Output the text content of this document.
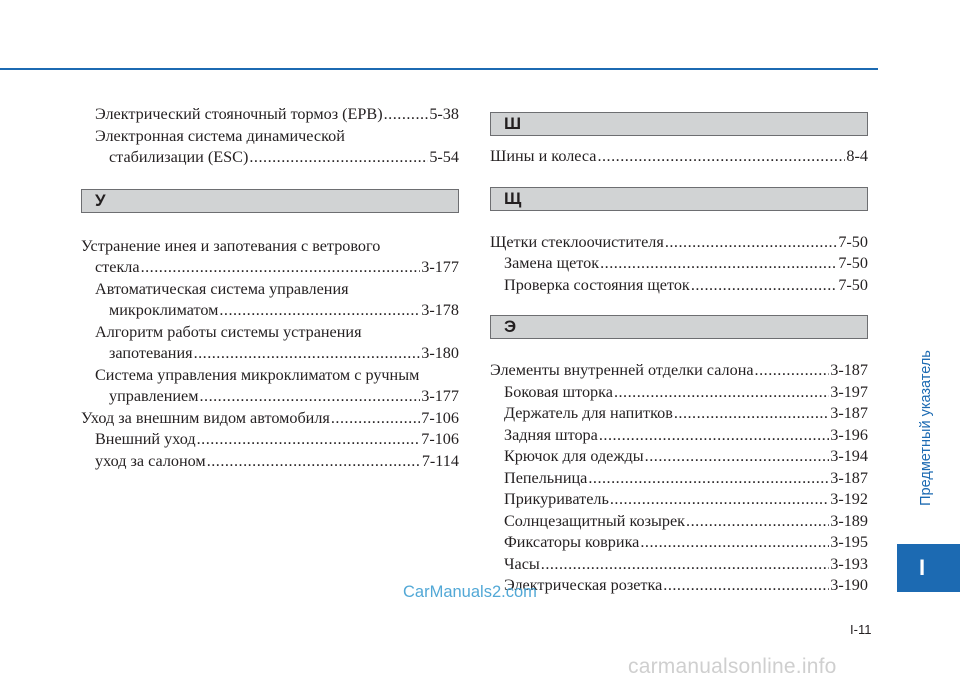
Электрический стояночный тормоз (EPB) .....	5-38
Электронная система динамической
стабилизации (ESC) .....	5-54
У
Устранение инея и запотевания с ветрового
стекла .....	3-177
Автоматическая система управления
микроклиматом .....	3-178
Алгоритм работы системы устранения
запотевания .....	3-180
Система управления микроклиматом с ручным
управлением .....	3-177
Уход за внешним видом автомобиля .....	7-106
Внешний уход .....	7-106
уход за салоном .....	7-114
Ш
Шины и колеса .....	8-4
Щ
Щетки стеклоочистителя .....	7-50
Замена щеток .....	7-50
Проверка состояния щеток .....	7-50
Э
Элементы внутренней отделки салона .....	3-187
Боковая шторка .....	3-197
Держатель для напитков .....	3-187
Задняя штора .....	3-196
Крючок для одежды .....	3-194
Пепельница .....	3-187
Прикуриватель .....	3-192
Солнцезащитный козырек .....	3-189
Фиксаторы коврика .....	3-195
Часы .....	3-193
Электрическая розетка .....	3-190
Предметный указатель
I
I-11
CarManuals2.com
carmanualsonline.info
